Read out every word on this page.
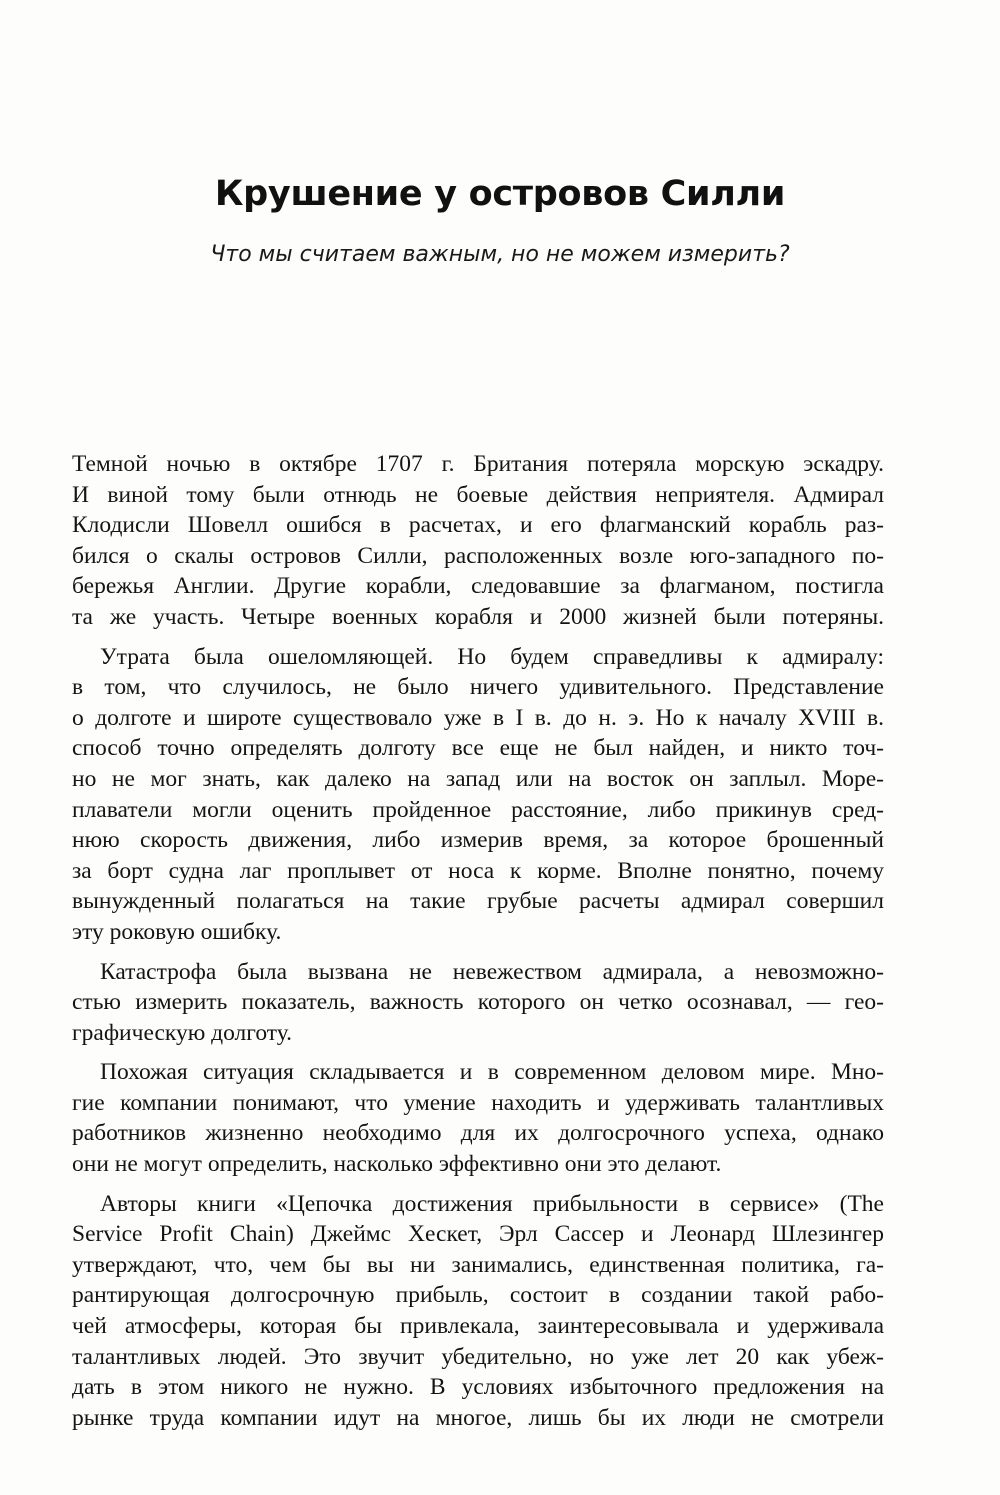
Крушение у островов Силли

Что мы считаем важным, но не можем измерить?

Темной ночью в октябре 1707 г. Британия потеряла морскую эскадру.
И виной тому были отнюдь не боевые действия неприятеля. Адмирал
Клодисли Шовелл ошибся в расчетах, и его флагманский корабль раз-
бился о скалы островов Силли, расположенных возле юго-западного по-
бережья Англии. Другие корабли, следовавшие за флагманом, постигла
та же участь. Четыре военных корабля и 2000 жизней были потеряны.
Утрата была ошеломляющей. Но будем справедливы к адмиралу:
в том, что случилось, не было ничего удивительного. Представление
о долготе и широте существовало уже в I в. до н. э. Но к началу XVIII в.
способ точно определять долготу все еще не был найден, и никто точ-
но не мог знать, как далеко на запад или на восток он заплыл. Море-
плаватели могли оценить пройденное расстояние, либо прикинув сред-
нюю скорость движения, либо измерив время, за которое брошенный
за борт судна лаг проплывет от носа к корме. Вполне понятно, почему
вынужденный полагаться на такие грубые расчеты адмирал совершил
эту роковую ошибку.
Катастрофа была вызвана не невежеством адмирала, а невозможно-
стью измерить показатель, важность которого он четко осознавал, — гео-
графическую долготу.
Похожая ситуация складывается и в современном деловом мире. Мно-
гие компании понимают, что умение находить и удерживать талантливых
работников жизненно необходимо для их долгосрочного успеха, однако
они не могут определить, насколько эффективно они это делают.
Авторы книги «Цепочка достижения прибыльности в сервисе» (The
Service Profit Chain) Джеймс Хескет, Эрл Сассер и Леонард Шлезингер
утверждают, что, чем бы вы ни занимались, единственная политика, га-
рантирующая долгосрочную прибыль, состоит в создании такой рабо-
чей атмосферы, которая бы привлекала, заинтересовывала и удерживала
талантливых людей. Это звучит убедительно, но уже лет 20 как убеж-
дать в этом никого не нужно. В условиях избыточного предложения на
рынке труда компании идут на многое, лишь бы их люди не смотрели
